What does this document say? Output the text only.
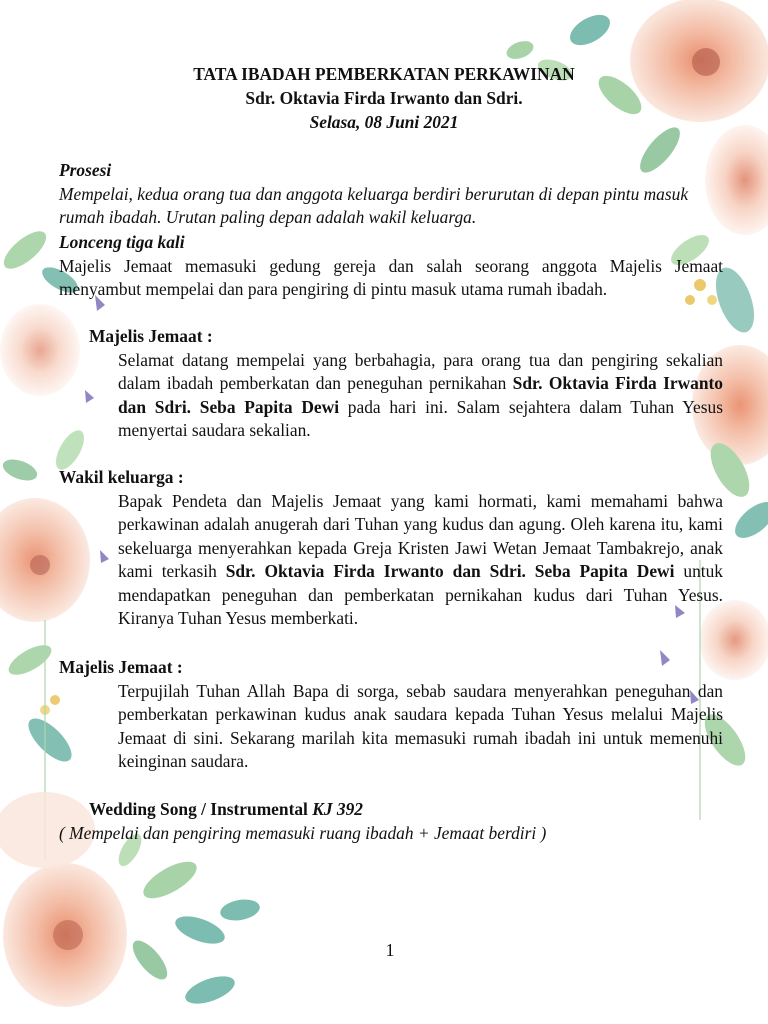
TATA IBADAH PEMBERKATAN PERKAWINAN
Sdr. Oktavia Firda Irwanto dan Sdri.
Selasa, 08 Juni 2021
Prosesi
Mempelai, kedua orang tua dan anggota keluarga berdiri berurutan di depan pintu masuk rumah ibadah. Urutan paling depan adalah wakil keluarga.
Lonceng tiga kali
Majelis Jemaat memasuki gedung gereja dan salah seorang anggota Majelis Jemaat menyambut mempelai dan para pengiring di pintu masuk utama rumah ibadah.
Majelis Jemaat :
Selamat datang mempelai yang berbahagia, para orang tua dan pengiring sekalian dalam ibadah pemberkatan dan peneguhan pernikahan Sdr. Oktavia Firda Irwanto dan Sdri. Seba Papita Dewi pada hari ini. Salam sejahtera dalam Tuhan Yesus menyertai saudara sekalian.
Wakil keluarga :
Bapak Pendeta dan Majelis Jemaat yang kami hormati, kami memahami bahwa perkawinan adalah anugerah dari Tuhan yang kudus dan agung. Oleh karena itu, kami sekeluarga menyerahkan kepada Greja Kristen Jawi Wetan Jemaat Tambakrejo, anak kami terkasih Sdr. Oktavia Firda Irwanto dan Sdri. Seba Papita Dewi untuk mendapatkan peneguhan dan pemberkatan pernikahan kudus dari Tuhan Yesus. Kiranya Tuhan Yesus memberkati.
Majelis Jemaat :
Terpujilah Tuhan Allah Bapa di sorga, sebab saudara menyerahkan peneguhan dan pemberkatan perkawinan kudus anak saudara kepada Tuhan Yesus melalui Majelis Jemaat di sini. Sekarang marilah kita memasuki rumah ibadah ini untuk memenuhi keinginan saudara.
Wedding Song / Instrumental KJ 392
( Mempelai dan pengiring memasuki ruang ibadah + Jemaat berdiri )
1
